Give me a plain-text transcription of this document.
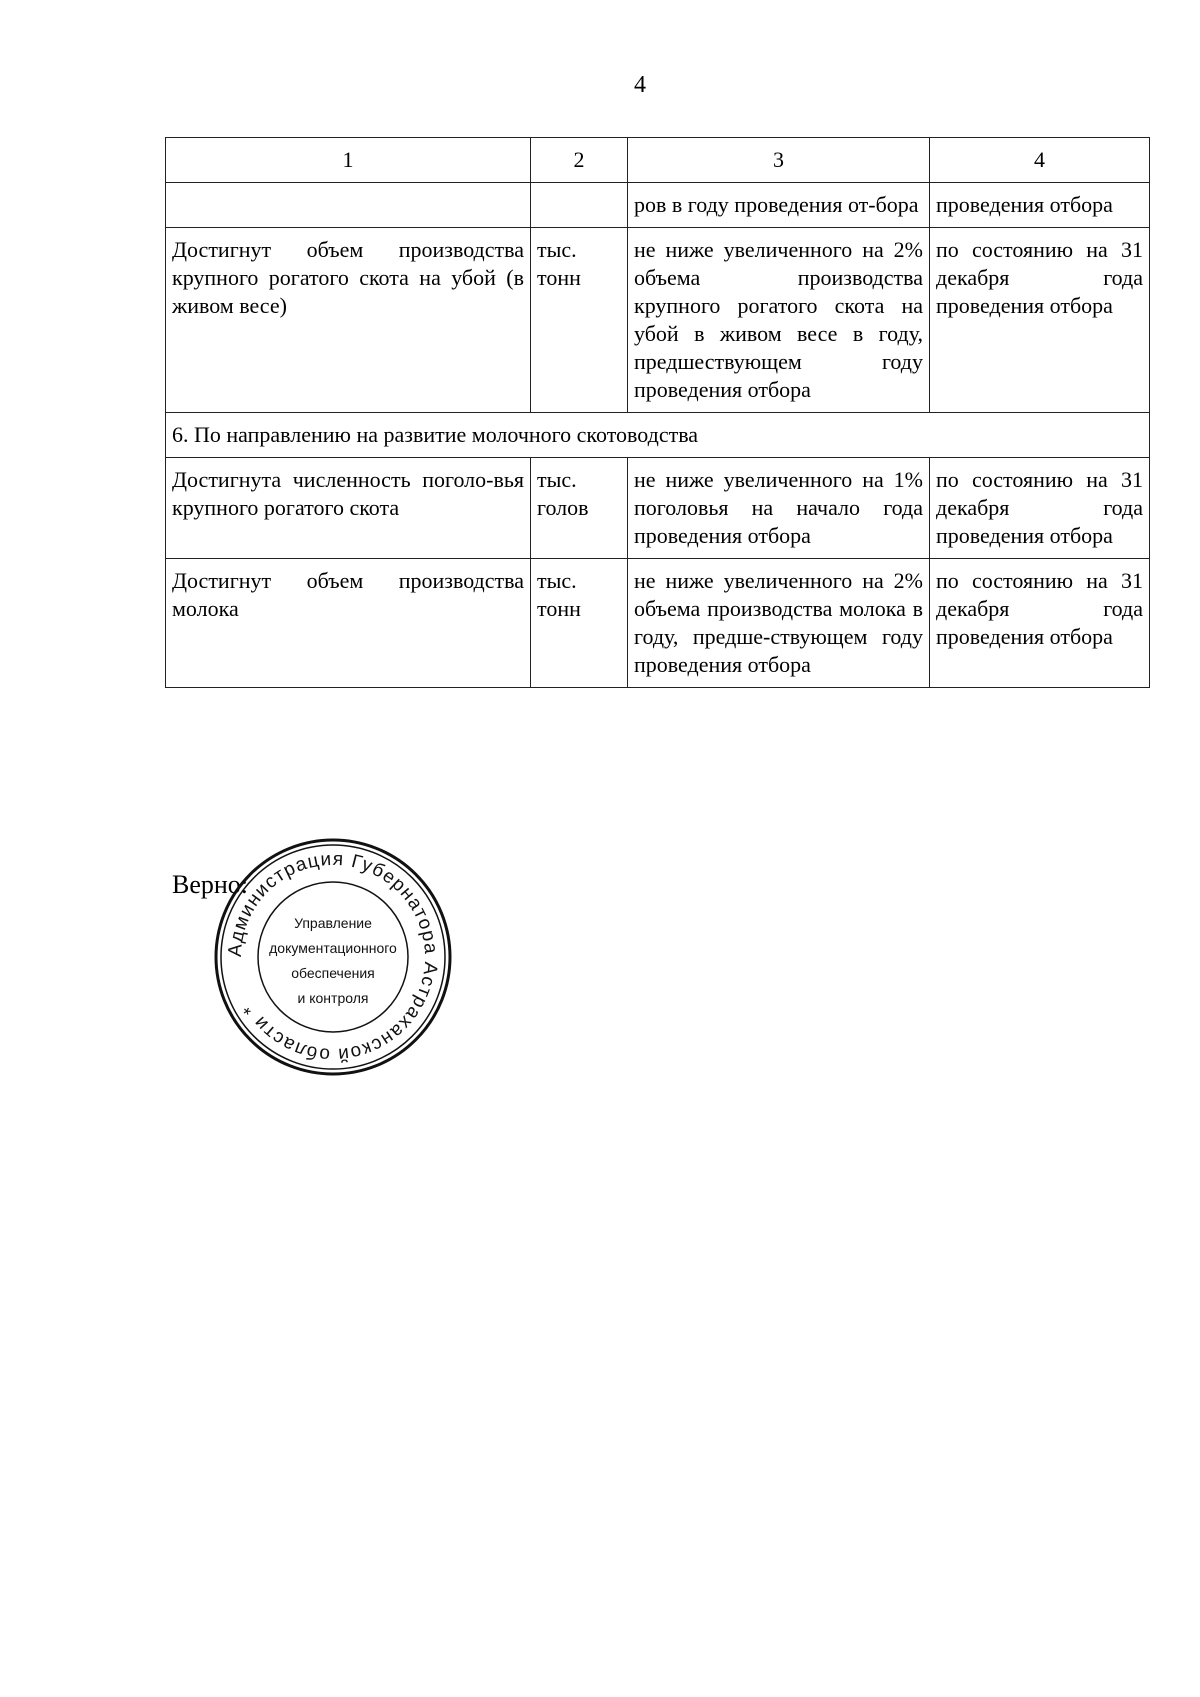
4
1	2	3	4
		ров в году проведения от-бора	проведения отбора
Достигнут объем производства крупного рогатого скота на убой (в живом весе)	тыс. тонн	не ниже увеличенного на 2% объема производства крупного рогатого скота на убой в живом весе в году, предшествующем году проведения отбора	по состоянию на 31 декабря года проведения отбора
6. По направлению на развитие молочного скотоводства			
Достигнута численность поголо-вья крупного рогатого скота	тыс. голов	не ниже увеличенного на 1% поголовья на начало года проведения отбора	по состоянию на 31 декабря года проведения отбора
Достигнут объем производства молока	тыс. тонн	не ниже увеличенного на 2% объема производства молока в году, предше-ствующем году проведения отбора	по состоянию на 31 декабря года проведения отбора
Верно:
Администрация Губернатора Астраханской области *
Управление
документационного
обеспечения
и контроля
